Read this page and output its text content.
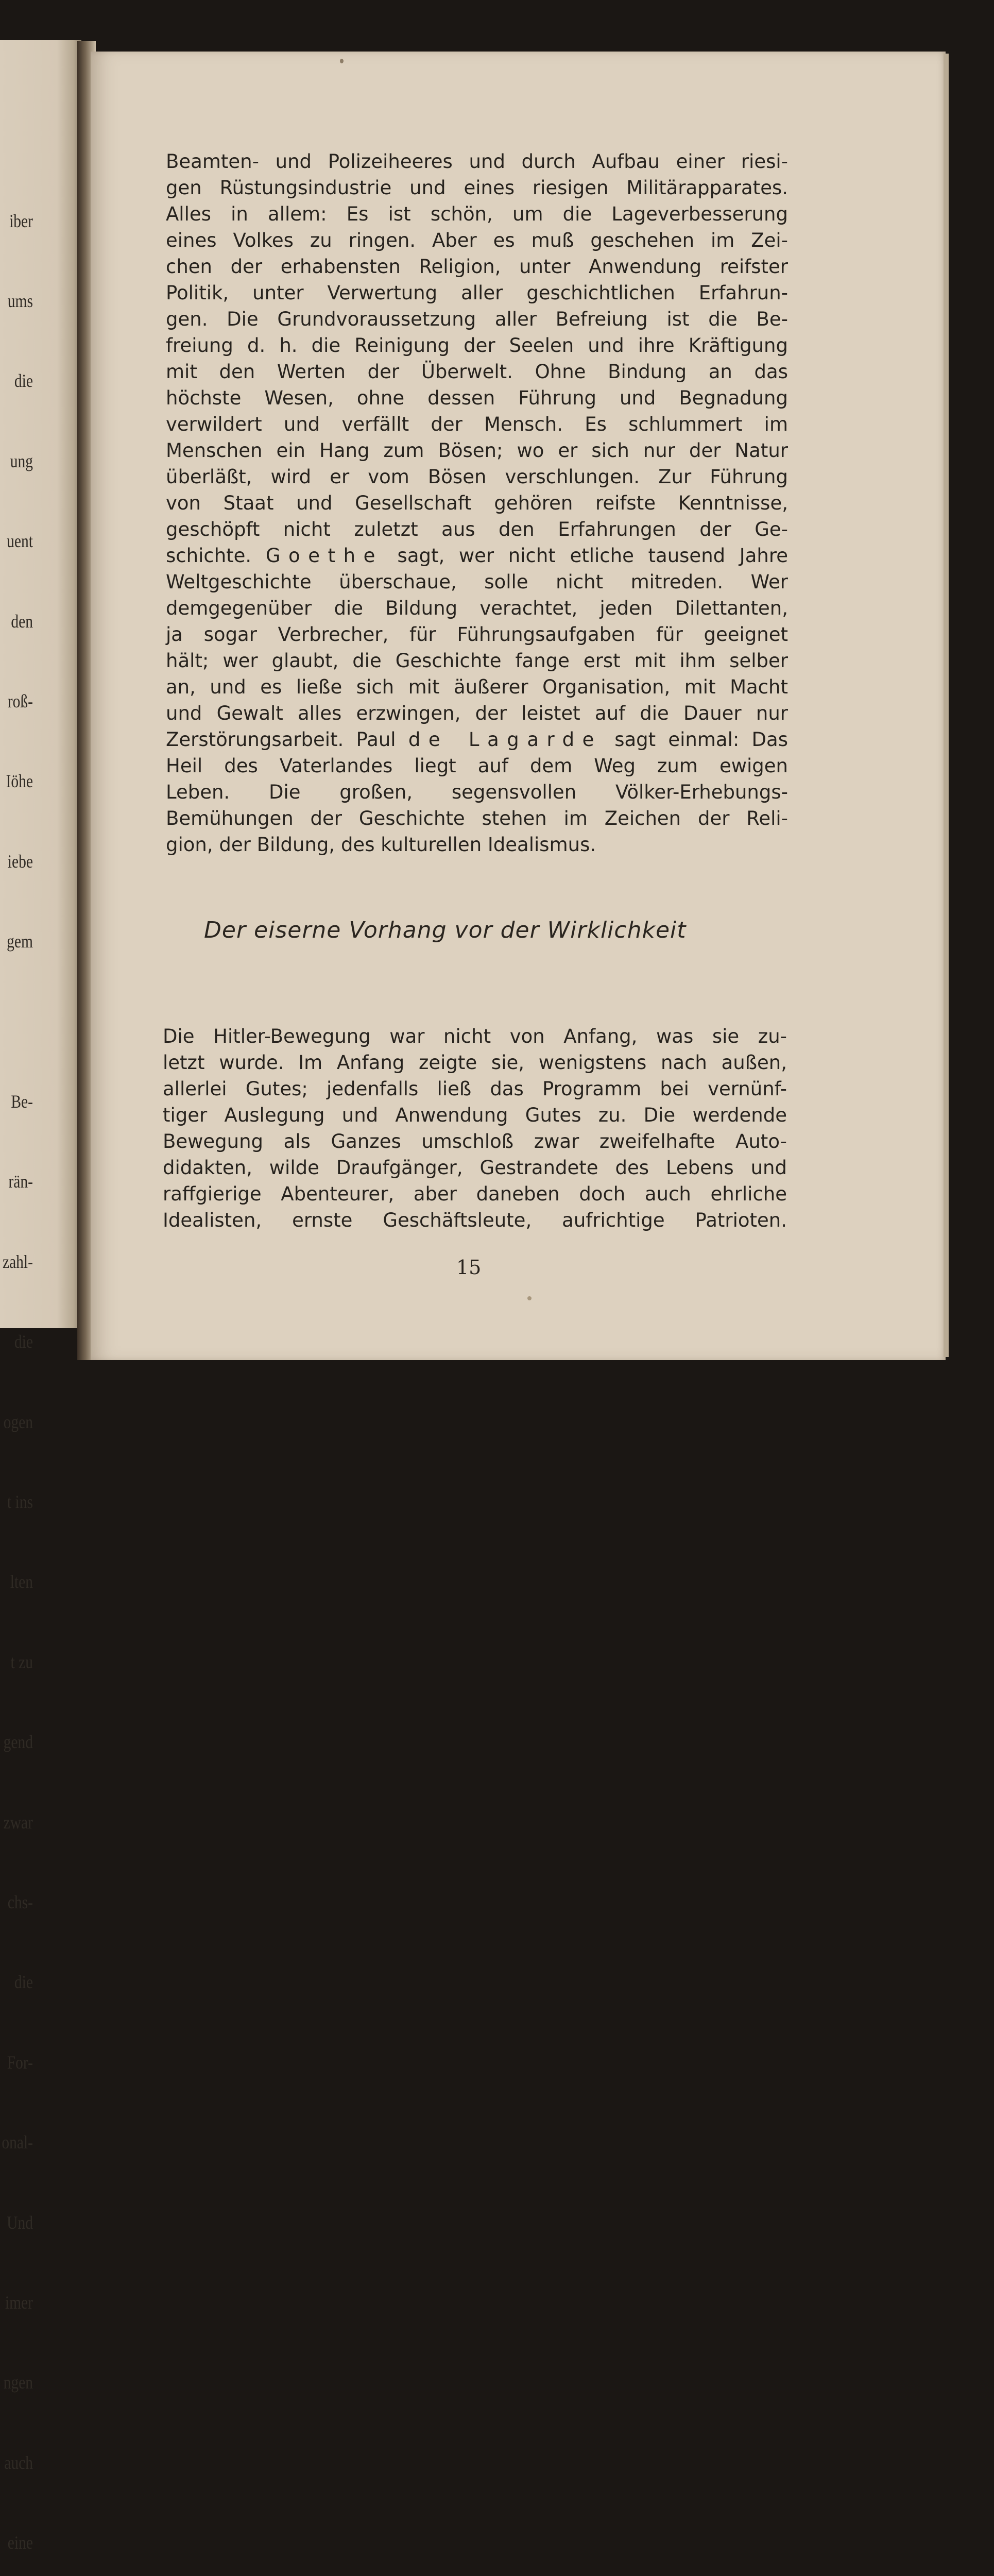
iber

ums

die

ung

uent

den

roß-

Iöhe

iebe

gem

Be-

rän-

zahl-

die

ogen

t ins

lten

t zu

gend

zwar

chs-

die

For-

onal-

Und

imer

ngen

auch

eine

Beamten- und Polizeiheeres und durch Aufbau einer riesi-
gen Rüstungsindustrie und eines riesigen Militärapparates.
Alles in allem: Es ist schön, um die Lageverbesserung
eines Volkes zu ringen. Aber es muß geschehen im Zei-
chen der erhabensten Religion, unter Anwendung reifster
Politik, unter Verwertung aller geschichtlichen Erfahrun-
gen. Die Grundvoraussetzung aller Befreiung ist die Be-
freiung d. h. die Reinigung der Seelen und ihre Kräftigung
mit den Werten der Überwelt. Ohne Bindung an das
höchste Wesen, ohne dessen Führung und Begnadung
verwildert und verfällt der Mensch. Es schlummert im
Menschen ein Hang zum Bösen; wo er sich nur der Natur
überläßt, wird er vom Bösen verschlungen. Zur Führung
von Staat und Gesellschaft gehören reifste Kenntnisse,
geschöpft nicht zuletzt aus den Erfahrungen der Ge-
schichte. Goethe sagt, wer nicht etliche tausend Jahre
Weltgeschichte überschaue, solle nicht mitreden. Wer
demgegenüber die Bildung verachtet, jeden Dilettanten,
ja sogar Verbrecher, für Führungsaufgaben für geeignet
hält; wer glaubt, die Geschichte fange erst mit ihm selber
an, und es ließe sich mit äußerer Organisation, mit Macht
und Gewalt alles erzwingen, der leistet auf die Dauer nur
Zerstörungsarbeit. Paul de Lagarde sagt einmal: Das
Heil des Vaterlandes liegt auf dem Weg zum ewigen
Leben. Die großen, segensvollen Völker-Erhebungs-
Bemühungen der Geschichte stehen im Zeichen der Reli-
gion, der Bildung, des kulturellen Idealismus.
Der eiserne Vorhang vor der Wirklichkeit
Die Hitler-Bewegung war nicht von Anfang, was sie zu-
letzt wurde. Im Anfang zeigte sie, wenigstens nach außen,
allerlei Gutes; jedenfalls ließ das Programm bei vernünf-
tiger Auslegung und Anwendung Gutes zu. Die werdende
Bewegung als Ganzes umschloß zwar zweifelhafte Auto-
didakten, wilde Draufgänger, Gestrandete des Lebens und
raffgierige Abenteurer, aber daneben doch auch ehrliche
Idealisten, ernste Geschäftsleute, aufrichtige Patrioten.
15
